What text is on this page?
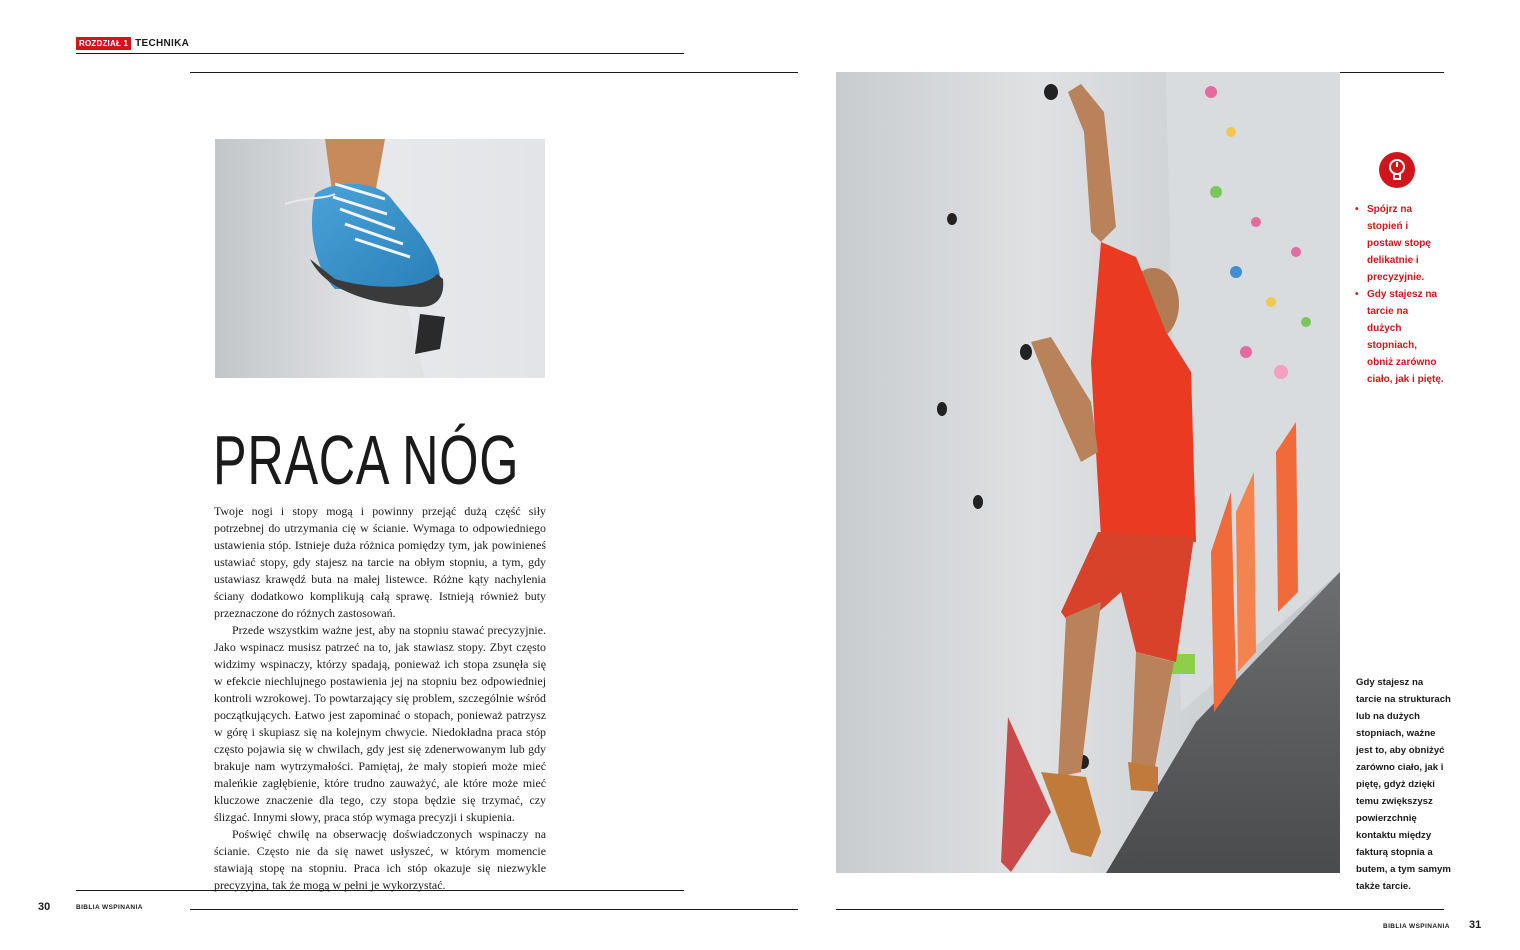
ROZDZIAŁ 1 TECHNIKA
PRACA NÓG

Twoje nogi i stopy mogą i powinny przejąć dużą część siły potrzebnej do utrzymania cię w ścianie. Wymaga to odpowiedniego ustawienia stóp. Istnieje duża różnica pomiędzy tym, jak powinieneś ustawiać stopy, gdy stajesz na tarcie na obłym stopniu, a tym, gdy ustawiasz krawędź buta na małej listewce. Różne kąty nachylenia ściany dodatkowo komplikują całą sprawę. Istnieją również buty przeznaczone do różnych zastosowań.

Przede wszystkim ważne jest, aby na stopniu stawać precyzyjnie. Jako wspinacz musisz patrzeć na to, jak stawiasz stopy. Zbyt często widzimy wspinaczy, którzy spadają, ponieważ ich stopa zsunęła się w efekcie niechlujnego postawienia jej na stopniu bez odpowiedniej kontroli wzrokowej. To powtarzający się problem, szczególnie wśród początkujących. Łatwo jest zapominać o stopach, ponieważ patrzysz w górę i skupiasz się na kolejnym chwycie. Niedokładna praca stóp często pojawia się w chwilach, gdy jest się zdenerwowanym lub gdy brakuje nam wytrzymałości. Pamiętaj, że mały stopień może mieć maleńkie zagłębienie, które trudno zauważyć, ale które może mieć kluczowe znaczenie dla tego, czy stopa będzie się trzymać, czy ślizgać. Innymi słowy, praca stóp wymaga precyzji i skupienia.

Poświęć chwilę na obserwację doświadczonych wspinaczy na ścianie. Często nie da się nawet usłyszeć, w którym momencie stawiają stopę na stopniu. Praca ich stóp okazuje się niezwykle precyzyjna, tak że mogą w pełni je wykorzystać.

• Spójrz na stopień i postaw stopę delikatnie i precyzyjnie.
• Gdy stajesz na tarcie na dużych stopniach, obniż zarówno ciało, jak i piętę.
Gdy stajesz na tarcie na strukturach lub na dużych stopniach, ważne jest to, aby obniżyć zarówno ciało, jak i piętę, gdyż dzięki temu zwiększysz powierzchnię kontaktu między fakturą stopnia a butem, a tym samym także tarcie.
30	BIBLIA WSPINANIA
BIBLIA WSPINANIA 31
